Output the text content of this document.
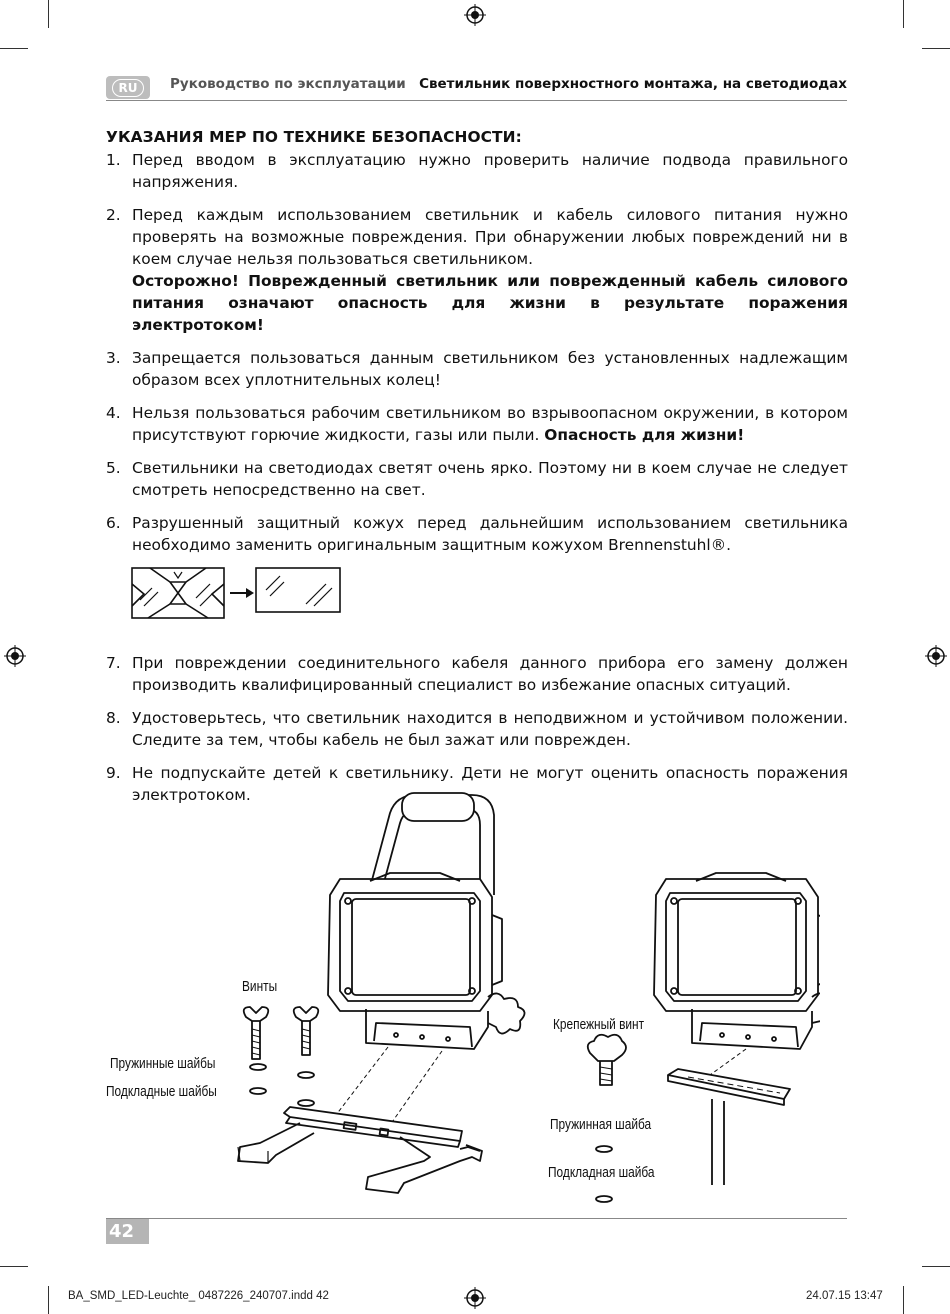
RU	Руководство по эксплуатации Светильник поверхностного монтажа, на светодиодах
УКАЗАНИЯ МЕР ПО ТЕХНИКЕ БЕЗОПАСНОСТИ:
1. Перед вводом в эксплуатацию нужно проверить наличие подвода правильного напряжения.
2. Перед каждым использованием светильник и кабель силового питания нужно проверять на возможные повреждения. При обнаружении любых повреждений ни в коем случае нельзя пользоваться светильником.
Осторожно! Поврежденный светильник или поврежденный кабель силового питания означают опасность для жизни в результате поражения электротоком!
3. Запрещается пользоваться данным светильником без установленных надлежащим образом всех уплотнительных колец!
4. Нельзя пользоваться рабочим светильником во взрывоопасном окружении, в котором присутствуют горючие жидкости, газы или пыли. Опасность для жизни!
5. Светильники на светодиодах светят очень ярко. Поэтому ни в коем случае не следует смотреть непосредственно на свет.
6. Разрушенный защитный кожух перед дальнейшим использованием светильника необходимо заменить оригинальным защитным кожухом Brennenstuhl®.
7. При повреждении соединительного кабеля данного прибора его замену должен производить квалифицированный специалист во избежание опасных ситуаций.
8. Удостоверьтесь, что светильник находится в неподвижном и устойчивом положении. Следите за тем, чтобы кабель не был зажат или поврежден.
9. Не подпускайте детей к светильнику. Дети не могут оценить опасность поражения электротоком.
Винты
Пружинные шайбы
Подкладные шайбы
Крепежный винт
Пружинная шайба
Подкладная шайба
42
BA_SMD_LED-Leuchte_ 0487226_240707.indd 42	24.07.15 13:47
